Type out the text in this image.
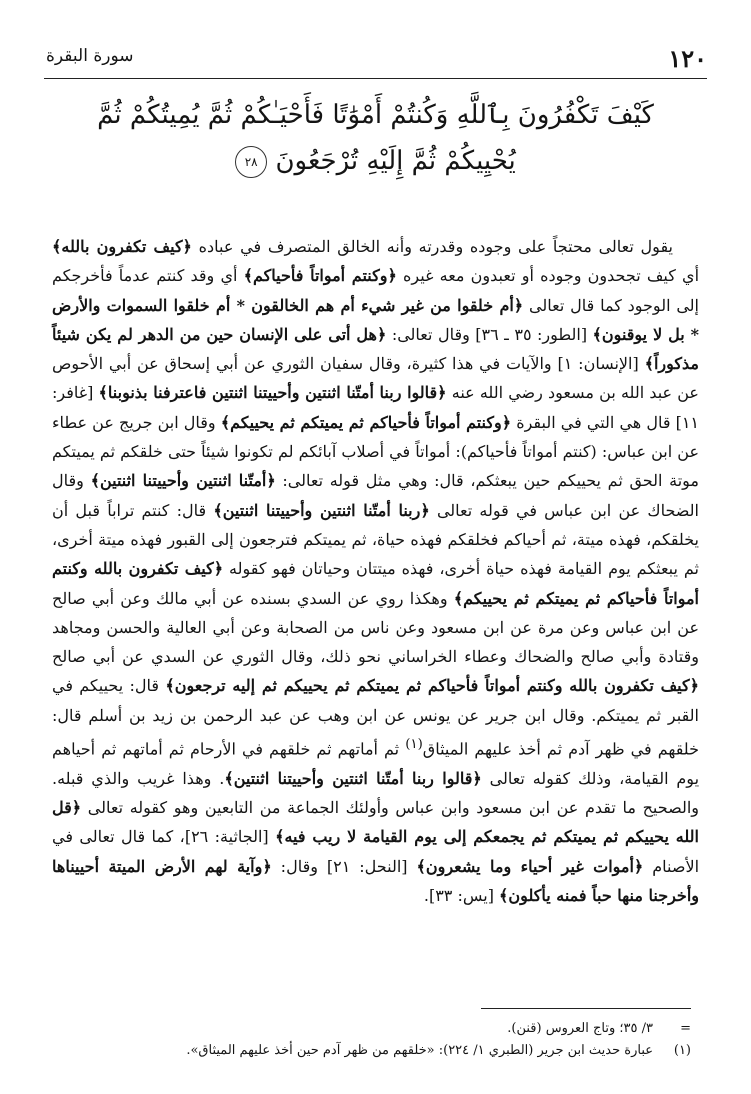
١٢٠
سورة البقرة
كَيْفَ تَكْفُرُونَ بِٱللَّهِ وَكُنتُمْ أَمْوَٰتًا فَأَحْيَـٰكُمْ ثُمَّ يُمِيتُكُمْ ثُمَّ يُحْيِيكُمْ ثُمَّ إِلَيْهِ تُرْجَعُونَ ٢٨

يقول تعالى محتجاً على وجوده وقدرته وأنه الخالق المتصرف في عباده ﴿كيف تكفرون بالله﴾ أي كيف تجحدون وجوده أو تعبدون معه غيره ﴿وكنتم أمواتاً فأحياكم﴾ أي وقد كنتم عدماً فأخرجكم إلى الوجود كما قال تعالى ﴿أم خلقوا من غير شيء أم هم الخالقون * أم خلقوا السموات والأرض * بل لا يوقنون﴾ [الطور: ٣٥ ـ ٣٦] وقال تعالى: ﴿هل أتى على الإنسان حين من الدهر لم يكن شيئاً مذكوراً﴾ [الإنسان: ١] والآيات في هذا كثيرة، وقال سفيان الثوري عن أبي إسحاق عن أبي الأحوص عن عبد الله بن مسعود رضي الله عنه ﴿قالوا ربنا أمتّنا اثنتين وأحييتنا اثنتين فاعترفنا بذنوبنا﴾ [غافر: ١١] قال هي التي في البقرة ﴿وكنتم أمواتاً فأحياكم ثم يميتكم ثم يحييكم﴾ وقال ابن جريج عن عطاء عن ابن عباس: (كنتم أمواتاً فأحياكم): أمواتاً في أصلاب آبائكم لم تكونوا شيئاً حتى خلقكم ثم يميتكم موتة الحق ثم يحييكم حين يبعثكم، قال: وهي مثل قوله تعالى: ﴿أمتّنا اثنتين وأحييتنا اثنتين﴾ وقال الضحاك عن ابن عباس في قوله تعالى ﴿ربنا أمتّنا اثنتين وأحييتنا اثنتين﴾ قال: كنتم تراباً قبل أن يخلقكم، فهذه ميتة، ثم أحياكم فخلقكم فهذه حياة، ثم يميتكم فترجعون إلى القبور فهذه ميتة أخرى، ثم يبعثكم يوم القيامة فهذه حياة أخرى، فهذه ميتتان وحياتان فهو كقوله ﴿كيف تكفرون بالله وكنتم أمواتاً فأحياكم ثم يميتكم ثم يحييكم﴾ وهكذا روي عن السدي بسنده عن أبي مالك وعن أبي صالح عن ابن عباس وعن مرة عن ابن مسعود وعن ناس من الصحابة وعن أبي العالية والحسن ومجاهد وقتادة وأبي صالح والضحاك وعطاء الخراساني نحو ذلك، وقال الثوري عن السدي عن أبي صالح ﴿كيف تكفرون بالله وكنتم أمواتاً فأحياكم ثم يميتكم ثم يحييكم ثم إليه ترجعون﴾ قال: يحييكم في القبر ثم يميتكم. وقال ابن جرير عن يونس عن ابن وهب عن عبد الرحمن بن زيد بن أسلم قال: خلقهم في ظهر آدم ثم أخذ عليهم الميثاق$^{(١)}$ ثم أماتهم ثم خلقهم في الأرحام ثم أماتهم ثم أحياهم يوم القيامة، وذلك كقوله تعالى ﴿قالوا ربنا أمتّنا اثنتين وأحييتنا اثنتين﴾. وهذا غريب والذي قبله. والصحيح ما تقدم عن ابن مسعود وابن عباس وأولئك الجماعة من التابعين وهو كقوله تعالى ﴿قل الله يحييكم ثم يميتكم ثم يجمعكم إلى يوم القيامة لا ريب فيه﴾ [الجاثية: ٢٦]، كما قال تعالى في الأصنام ﴿أموات غير أحياء وما يشعرون﴾ [النحل: ٢١] وقال: ﴿وآية لهم الأرض الميتة أحييناها وأخرجنا منها حباً فمنه يأكلون﴾ [يس: ٣٣].

=
٣/ ٣٥؛ وتاج العروس (قنن).
(١)
عبارة حديث ابن جرير (الطبري ١/ ٢٢٤): «خلقهم من ظهر آدم حين أخذ عليهم الميثاق».
